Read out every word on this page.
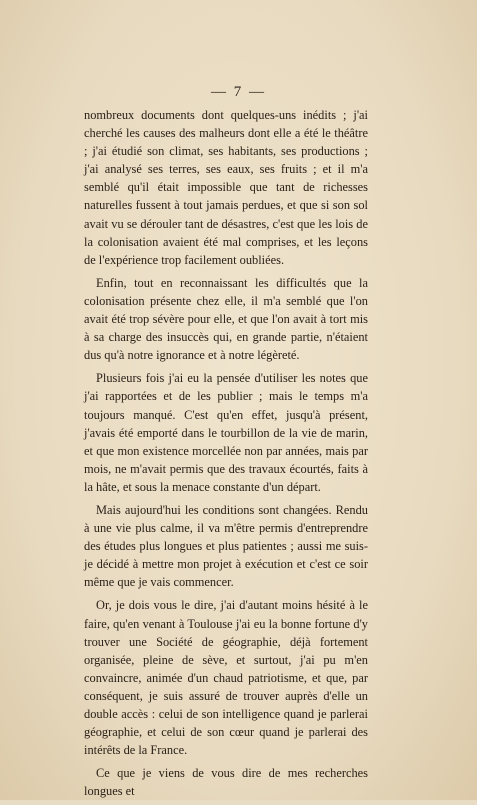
— 7 —

nombreux documents dont quelques-uns inédits ; j'ai cherché les causes des malheurs dont elle a été le théâtre ; j'ai étudié son climat, ses habitants, ses productions ; j'ai analysé ses terres, ses eaux, ses fruits ; et il m'a semblé qu'il était impossible que tant de richesses naturelles fussent à tout jamais perdues, et que si son sol avait vu se dérouler tant de désastres, c'est que les lois de la colonisation avaient été mal comprises, et les leçons de l'expérience trop facilement oubliées.

Enfin, tout en reconnaissant les difficultés que la colonisation présente chez elle, il m'a semblé que l'on avait été trop sévère pour elle, et que l'on avait à tort mis à sa charge des insuccès qui, en grande partie, n'étaient dus qu'à notre ignorance et à notre légèreté.

Plusieurs fois j'ai eu la pensée d'utiliser les notes que j'ai rapportées et de les publier ; mais le temps m'a toujours manqué. C'est qu'en effet, jusqu'à présent, j'avais été emporté dans le tourbillon de la vie de marin, et que mon existence morcellée non par années, mais par mois, ne m'avait permis que des travaux écourtés, faits à la hâte, et sous la menace constante d'un départ.

Mais aujourd'hui les conditions sont changées. Rendu à une vie plus calme, il va m'être permis d'entreprendre des études plus longues et plus patientes ; aussi me suis-je décidé à mettre mon projet à exécution et c'est ce soir même que je vais commencer.

Or, je dois vous le dire, j'ai d'autant moins hésité à le faire, qu'en venant à Toulouse j'ai eu la bonne fortune d'y trouver une Société de géographie, déjà fortement organisée, pleine de sève, et surtout, j'ai pu m'en convaincre, animée d'un chaud patriotisme, et que, par conséquent, je suis assuré de trouver auprès d'elle un double accès : celui de son intelligence quand je parlerai géographie, et celui de son cœur quand je parlerai des intérêts de la France.

Ce que je viens de vous dire de mes recherches longues et
